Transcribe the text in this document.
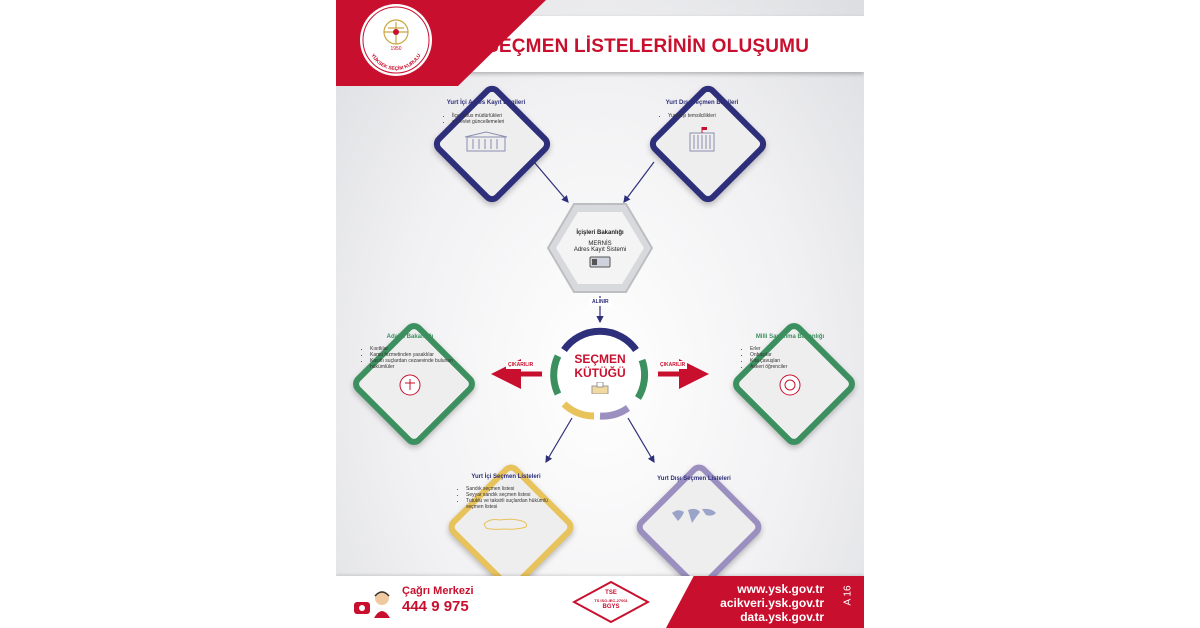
1950
YÜKSEK SEÇİM KURULU	SEÇMEN LİSTELERİNİN OLUŞUMU
ALINIR
ÇIKARILIR	ÇIKARILIR
Yurt İçi Adres Kayıt Bilgileri
• İlçe nüfus müdürlükleri
• e-Devlet güncellemeleri
Yurt Dışı Seçmen Bilgileri
• Yurt dışı temsilcilikleri
İçişleri Bakanlığı
MERNİS
Adres Kayıt Sistemi
Adalet Bakanlığı
• Kısıtlılar
• Kamu hizmetinden yasaklılar
• Kasıtlı suçlardan cezaevinde bulunan hükümlüler
Milli Savunma Bakanlığı
• Erler
• Onbaşılar
• Kıta çavuşları
• Askeri öğrenciler
SEÇMEN
KÜTÜĞÜ
Yurt İçi Seçmen Listeleri
• Sandık seçmen listesi
• Seyyar sandık seçmen listesi
• Tutuklu ve taksirli suçlardan hükümlü seçmen listesi
Yurt Dışı Seçmen Listeleri
Çağrı Merkezi
444 9 975
TSE
TS ISO-IEC-27001
BGYS
www.ysk.gov.tr
acikveri.ysk.gov.tr
data.ysk.gov.tr
A 16
